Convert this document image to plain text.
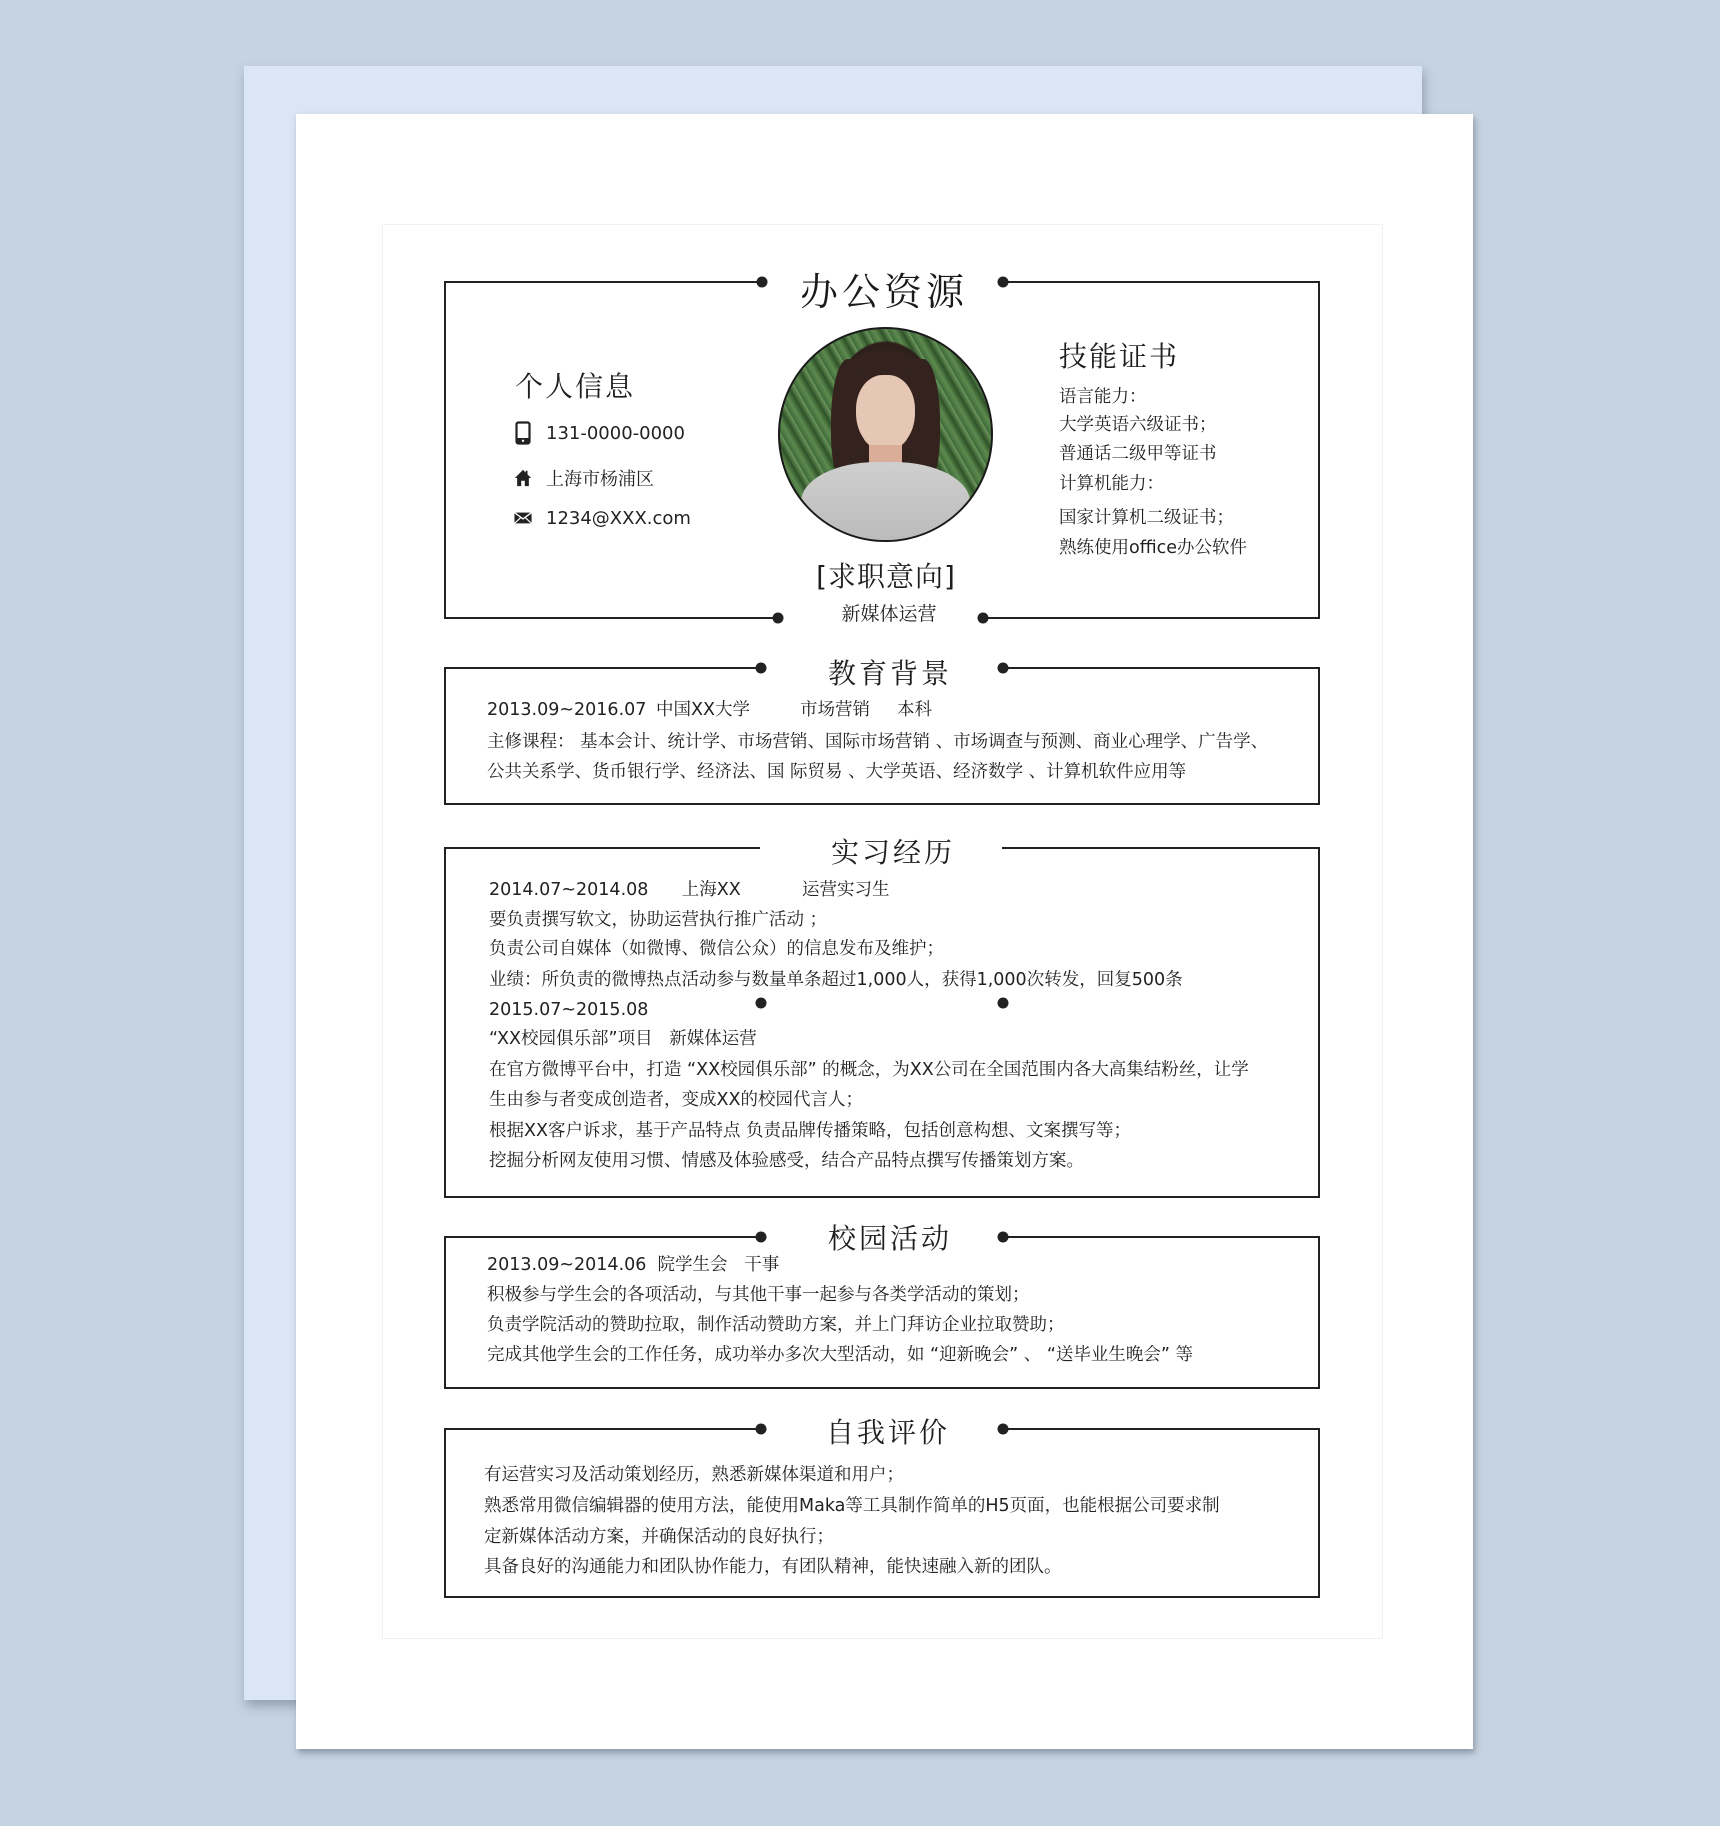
办公资源
个人信息
131-0000-0000
上海市杨浦区
1234@XXX.com
[求职意向]
新媒体运营
技能证书
语言能力：
大学英语六级证书；
普通话二级甲等证书
计算机能力：
国家计算机二级证书；
熟练使用office办公软件
教育背景
2013.09~2016.07 中国XX大学	市场营销 本科
主修课程： 基本会计、统计学、市场营销、国际市场营销 、市场调查与预测、商业心理学、广告学、
公共关系学、货币银行学、经济法、国 际贸易 、大学英语、经济数学 、计算机软件应用等
实习经历
2014.07~2014.08      上海XX           运营实习生
要负责撰写软文，协助运营执行推广活动 ；
负责公司自媒体（如微博、微信公众）的信息发布及维护；
业绩：所负责的微博热点活动参与数量单条超过1,000人，获得1,000次转发，回复500条
2015.07~2015.08
“XX校园俱乐部”项目   新媒体运营
在官方微博平台中，打造 “XX校园俱乐部” 的概念，为XX公司在全国范围内各大高集结粉丝，让学
生由参与者变成创造者，变成XX的校园代言人；
根据XX客户诉求，基于产品特点 负责品牌传播策略，包括创意构想、文案撰写等；
挖掘分析网友使用习惯、情感及体验感受，结合产品特点撰写传播策划方案。
校园活动
2013.09~2014.06  院学生会   干事
积极参与学生会的各项活动，与其他干事一起参与各类学活动的策划；
负责学院活动的赞助拉取，制作活动赞助方案，并上门拜访企业拉取赞助；
完成其他学生会的工作任务，成功举办多次大型活动，如 “迎新晚会” 、 “送毕业生晚会” 等
自我评价
有运营实习及活动策划经历，熟悉新媒体渠道和用户；
熟悉常用微信编辑器的使用方法，能使用Maka等工具制作简单的H5页面，也能根据公司要求制
定新媒体活动方案，并确保活动的良好执行；
具备良好的沟通能力和团队协作能力，有团队精神，能快速融入新的团队。
